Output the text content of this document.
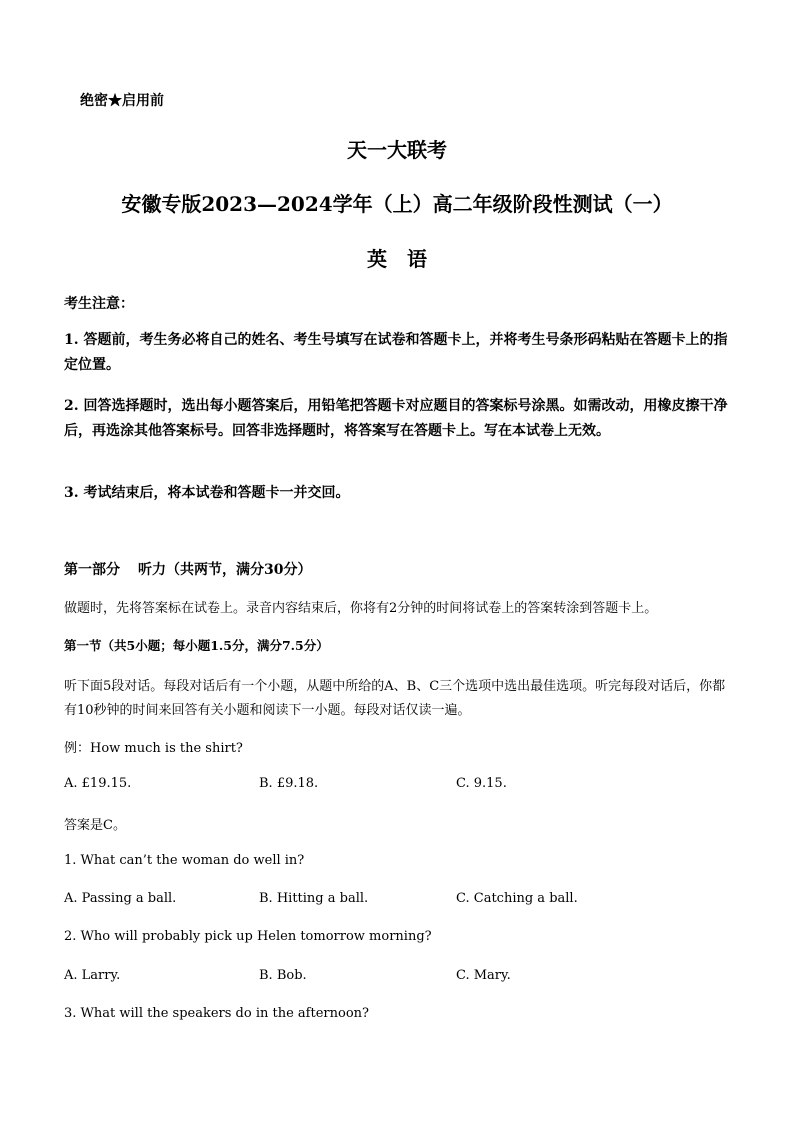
绝密★启用前
天一大联考
安徽专版2023—2024学年（上）高二年级阶段性测试（一）
英语
考生注意：
1. 答题前，考生务必将自己的姓名、考生号填写在试卷和答题卡上，并将考生号条形码粘贴在答题卡上的指定位置。
2. 回答选择题时，选出每小题答案后，用铅笔把答题卡对应题目的答案标号涂黑。如需改动，用橡皮擦干净后，再选涂其他答案标号。回答非选择题时，将答案写在答题卡上。写在本试卷上无效。
3. 考试结束后，将本试卷和答题卡一并交回。
第一部分 听力（共两节，满分30分）
做题时，先将答案标在试卷上。录音内容结束后，你将有2分钟的时间将试卷上的答案转涂到答题卡上。
第一节（共5小题；每小题1.5分，满分7.5分）
听下面5段对话。每段对话后有一个小题，从题中所给的A、B、C三个选项中选出最佳选项。听完每段对话后，你都有10秒钟的时间来回答有关小题和阅读下一小题。每段对话仅读一遍。
例：How much is the shirt?
A. £19.15.	B. £9.18.	C. 9.15.
答案是C。
1. What can’t the woman do well in?
A. Passing a ball.	B. Hitting a ball.	C. Catching a ball.
2. Who will probably pick up Helen tomorrow morning?
A. Larry.	B. Bob.	C. Mary.
3. What will the speakers do in the afternoon?
